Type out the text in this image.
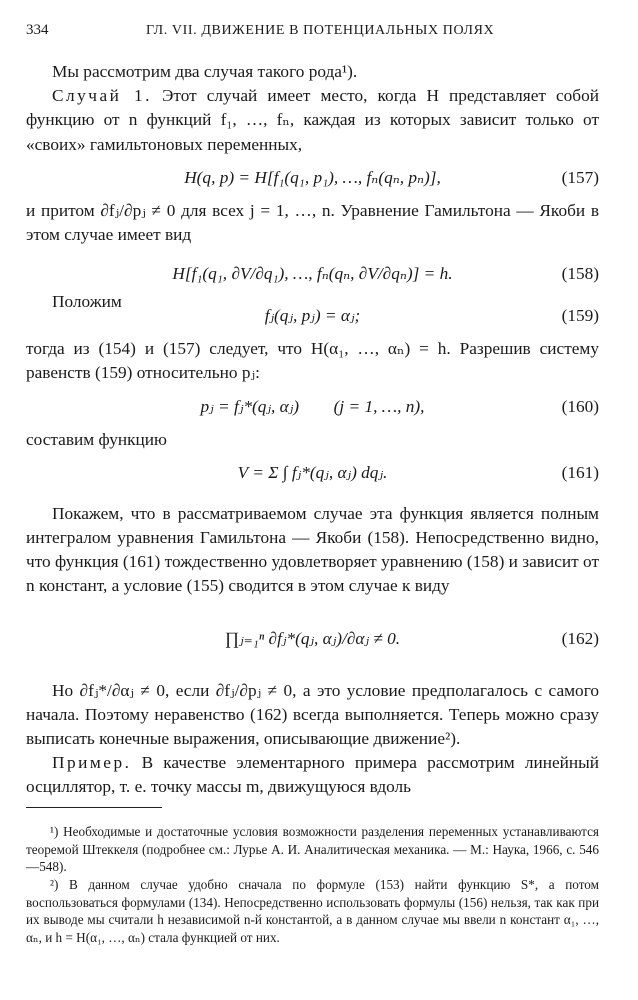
334	ГЛ. VII. ДВИЖЕНИЕ В ПОТЕНЦИАЛЬНЫХ ПОЛЯХ

Мы рассмотрим два случая такого рода¹).

Случай 1. Этот случай имеет место, когда H представляет собой функцию от n функций f₁, …, fₙ, каждая из которых зависит только от «своих» гамильтоновых переменных,

H(q, p) = H[f₁(q₁, p₁), …, fₙ(qₙ, pₙ)],	(157)

и притом ∂fⱼ/∂pⱼ ≠ 0 для всех j = 1, …, n. Уравнение Гамильтона — Якоби в этом случае имеет вид

H[f₁(q₁, ∂V/∂q₁), …, fₙ(qₙ, ∂V/∂qₙ)] = h.	(158)
Положим
fⱼ(qⱼ, pⱼ) = αⱼ;	(159)

тогда из (154) и (157) следует, что H(α₁, …, αₙ) = h. Разрешив систему равенств (159) относительно pⱼ:

pⱼ = fⱼ*(qⱼ, αⱼ)        (j = 1, …, n),	(160)

составим функцию

V = Σ ∫ fⱼ*(qⱼ, αⱼ) dqⱼ.	(161)

Покажем, что в рассматриваемом случае эта функция является полным интегралом уравнения Гамильтона — Якоби (158). Непосредственно видно, что функция (161) тождественно удовлетворяет уравнению (158) и зависит от n констант, а условие (155) сводится в этом случае к виду

∏ⱼ₌₁ⁿ ∂fⱼ*(qⱼ, αⱼ)/∂αⱼ ≠ 0.	(162)

Но ∂fⱼ*/∂αⱼ ≠ 0, если ∂fⱼ/∂pⱼ ≠ 0, а это условие предполагалось с самого начала. Поэтому неравенство (162) всегда выполняется. Теперь можно сразу выписать конечные выражения, описывающие движение²).

Пример. В качестве элементарного примера рассмотрим линейный осциллятор, т. е. точку массы m, движущуюся вдоль

¹) Необходимые и достаточные условия возможности разделения переменных устанавливаются теоремой Штеккеля (подробнее см.: Лурье А. И. Аналитическая механика. — М.: Наука, 1966, с. 546—548).
²) В данном случае удобно сначала по формуле (153) найти функцию S*, а потом воспользоваться формулами (134). Непосредственно использовать формулы (156) нельзя, так как при их выводе мы считали h независимой n-й константой, а в данном случае мы ввели n констант α₁, …, αₙ, и h = H(α₁, …, αₙ) стала функцией от них.
